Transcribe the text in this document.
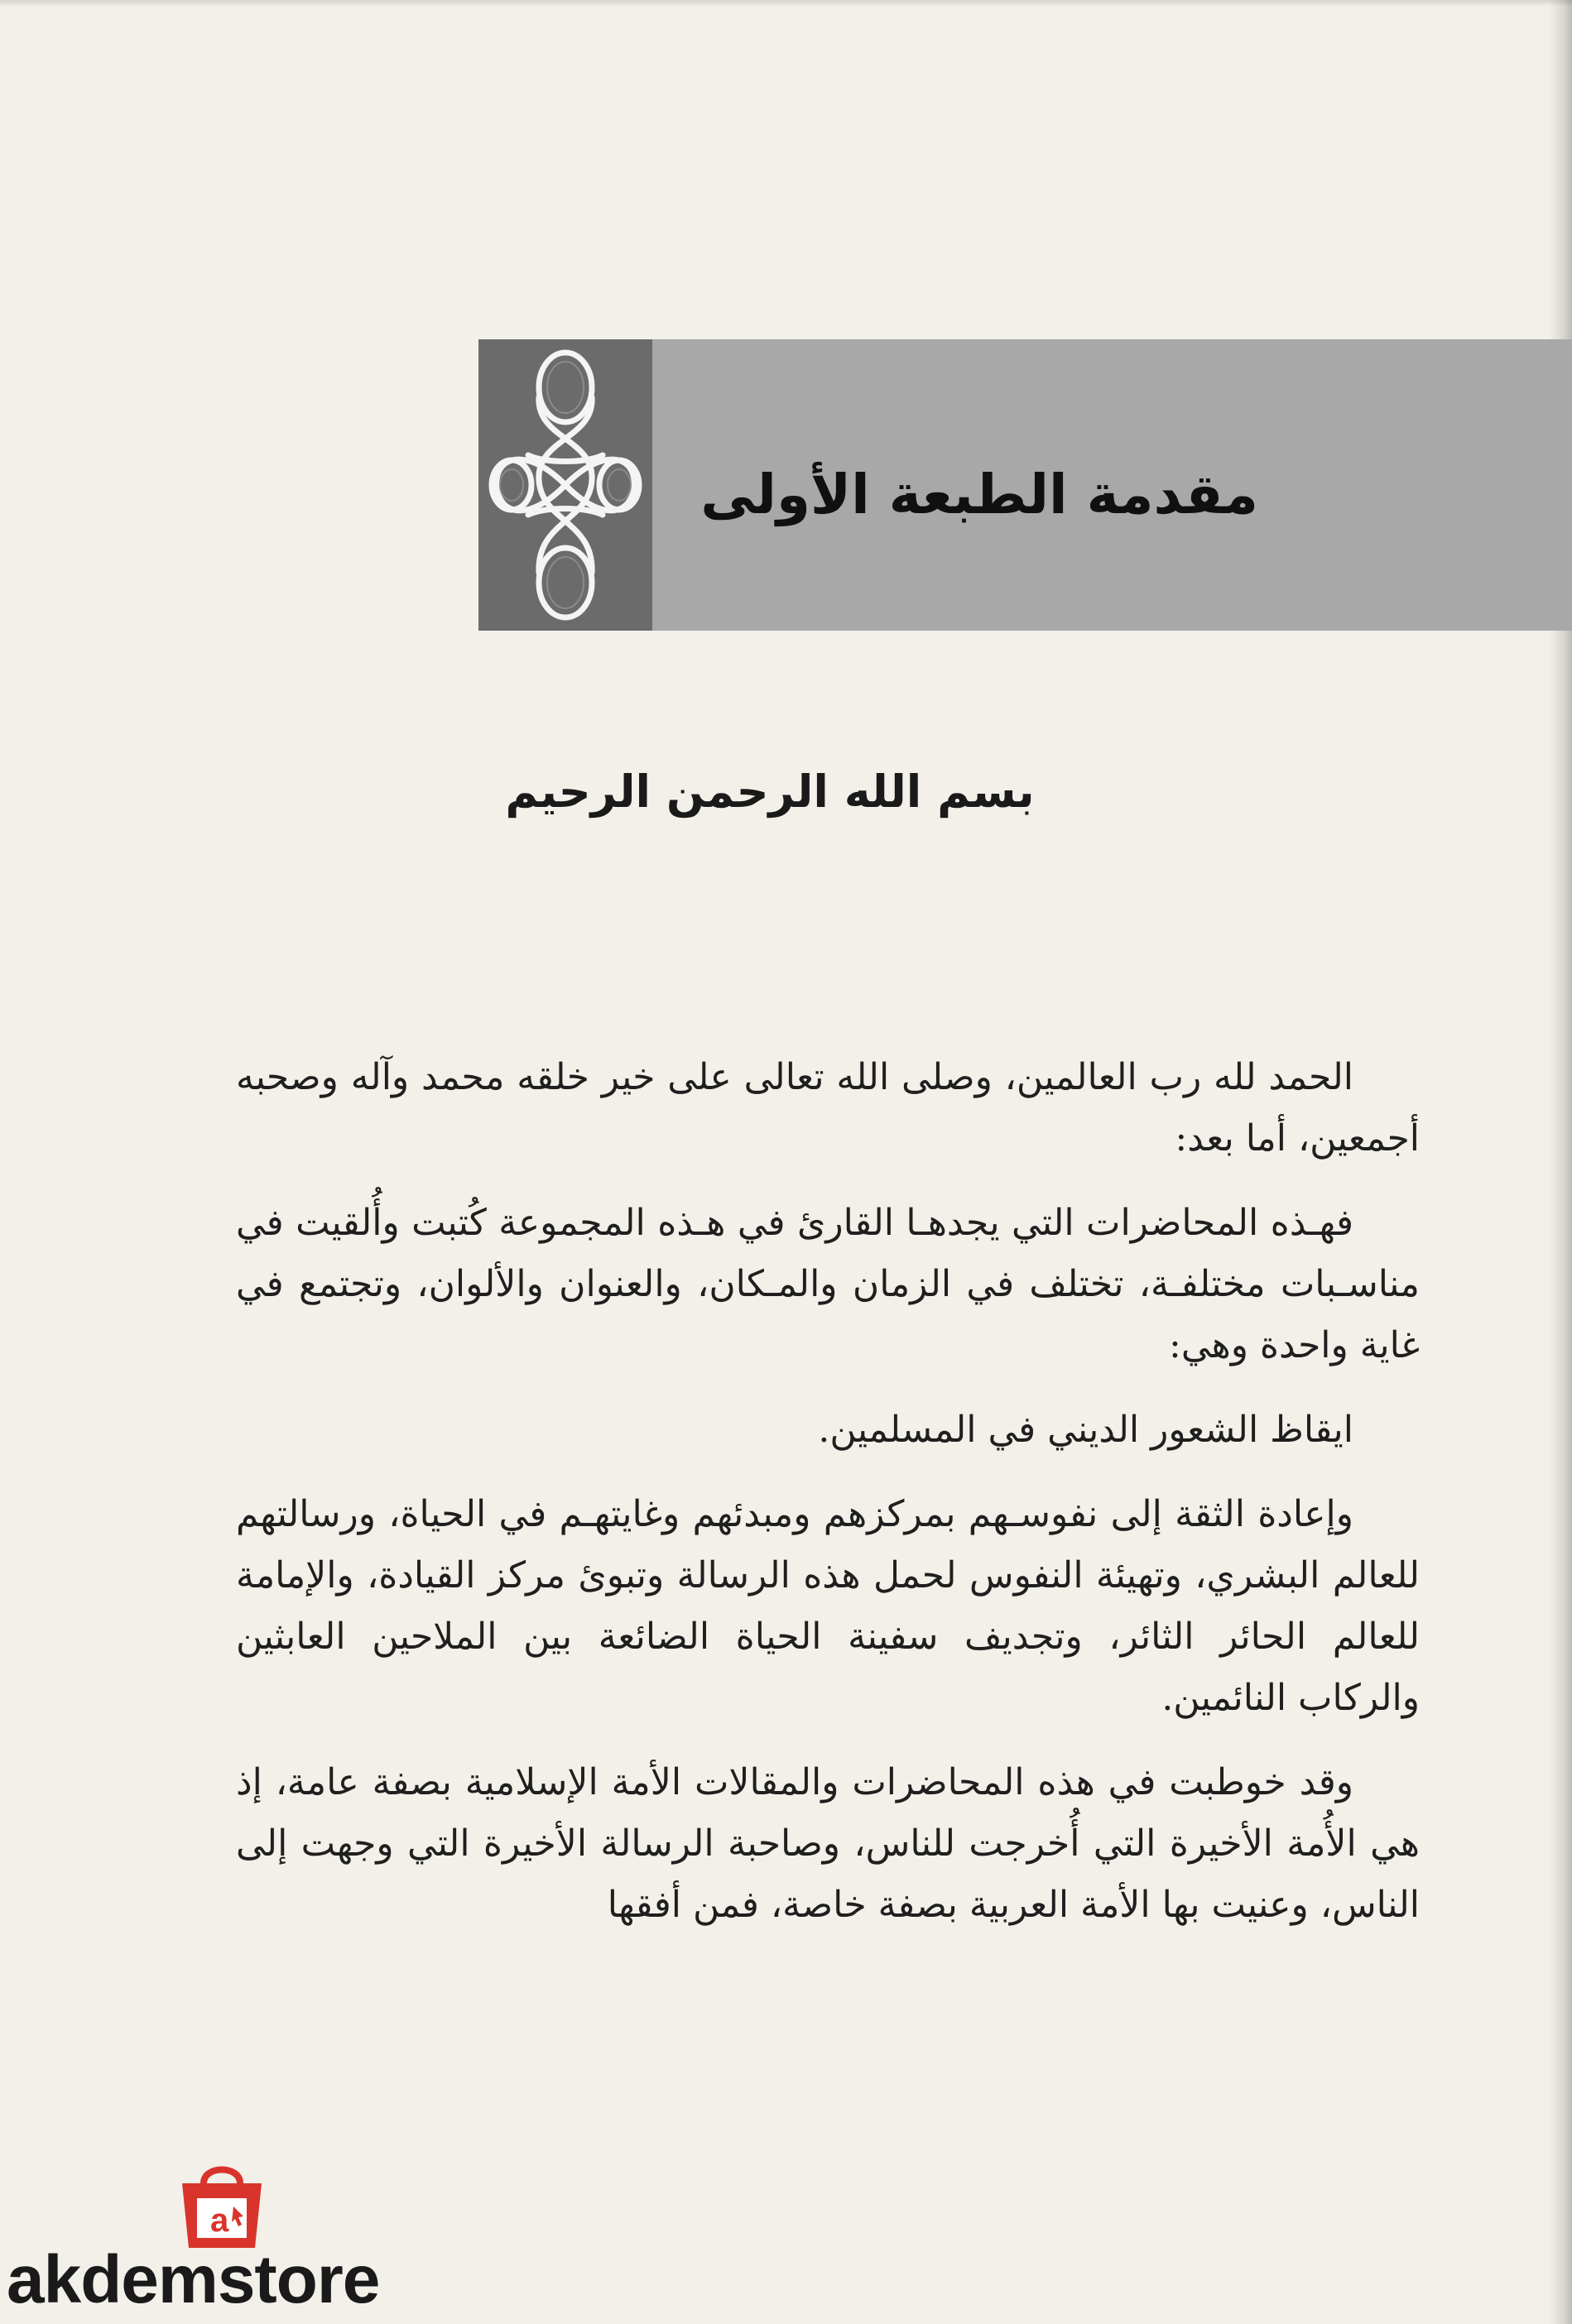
مقدمة الطبعة الأولى
بسم الله الرحمن الرحيم

الحمد لله رب العالمين، وصلى الله تعالى على خير خلقه محمد وآله وصحبه أجمعين، أما بعد:

فهـذه المحاضرات التي يجدهـا القارئ في هـذه المجموعة كُتبت وأُلقيت في مناسـبات مختلفـة، تختلف في الزمان والمـكان، والعنوان والألوان، وتجتمع في غاية واحدة وهي:

ايقاظ الشعور الديني في المسلمين.

وإعادة الثقة إلى نفوسـهم بمركزهم ومبدئهم وغايتهـم في الحياة، ورسالتهم للعالم البشري، وتهيئة النفوس لحمل هذه الرسالة وتبوئ مركز القيادة، والإمامة للعالم الحائر الثائر، وتجديف سفينة الحياة الضائعة بين الملاحين العابثين والركاب النائمين.

وقد خوطبت في هذه المحاضرات والمقالات الأمة الإسلامية بصفة عامة، إذ هي الأُمة الأخيرة التي أُخرجت للناس، وصاحبة الرسالة الأخيرة التي وجهت إلى الناس، وعنيت بها الأمة العربية بصفة خاصة، فمن أفقها

a
akdemstore
